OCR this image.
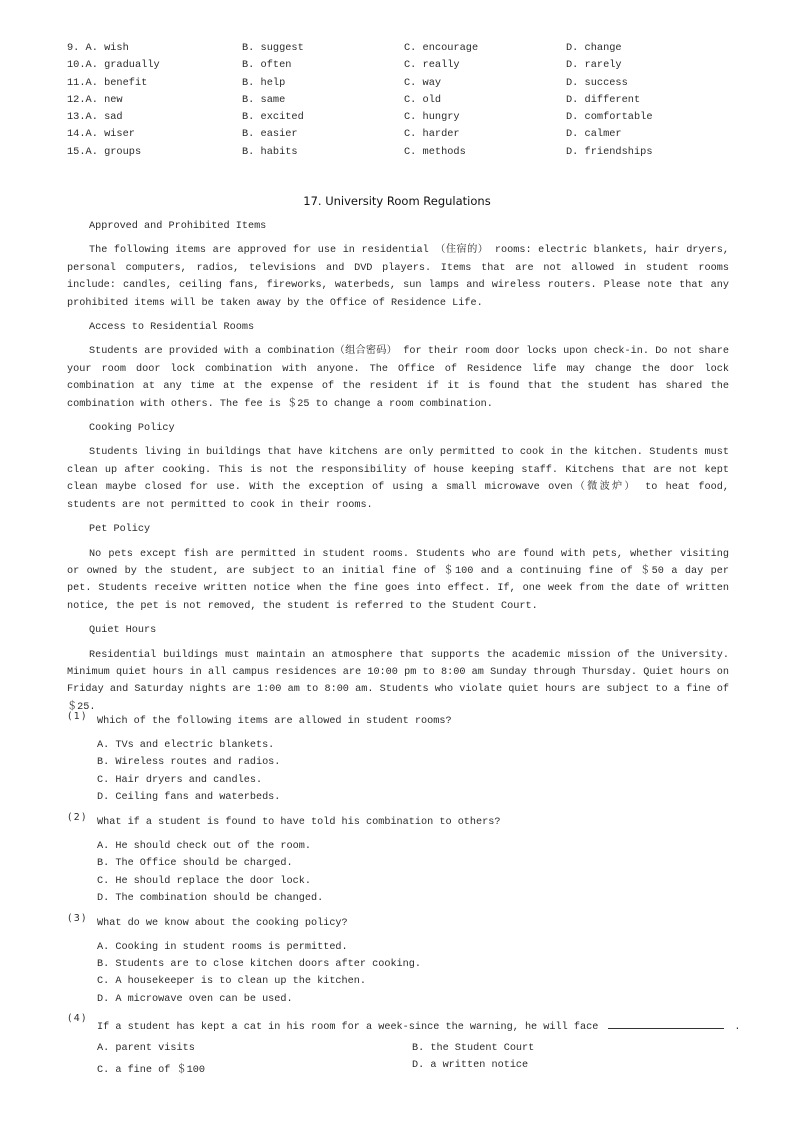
9. A. wish	B. suggest	C. encourage	D. change
10.A. gradually	B. often	C. really	D. rarely
11.A. benefit	B. help	C. way	D. success
12.A. new	B. same	C. old	D. different
13.A. sad	B. excited	C. hungry	D. comfortable
14.A. wiser	B. easier	C. harder	D. calmer
15.A. groups	B. habits	C. methods	D. friendships
17. University Room Regulations
Approved and Prohibited Items
The following items are approved for use in residential （住宿的） rooms: electric blankets, hair dryers, personal computers, radios, televisions and DVD players. Items that are not allowed in student rooms include: candles, ceiling fans, fireworks, waterbeds, sun lamps and wireless routers. Please note that any prohibited items will be taken away by the Office of Residence Life.
Access to Residential Rooms
Students are provided with a combination（组合密码） for their room door locks upon check-in. Do not share your room door lock combination with anyone. The Office of Residence life may change the door lock combination at any time at the expense of the resident if it is found that the student has shared the combination with others. The fee is ＄25 to change a room combination.
Cooking Policy
Students living in buildings that have kitchens are only permitted to cook in the kitchen. Students must clean up after cooking. This is not the responsibility of house keeping staff. Kitchens that are not kept clean maybe closed for use. With the exception of using a small microwave oven（微波炉） to heat food, students are not permitted to cook in their rooms.
Pet Policy
No pets except fish are permitted in student rooms. Students who are found with pets, whether visiting or owned by the student, are subject to an initial fine of ＄100 and a continuing fine of ＄50 a day per pet. Students receive written notice when the fine goes into effect. If, one week from the date of written notice, the pet is not removed, the student is referred to the Student Court.
Quiet Hours
Residential buildings must maintain an atmosphere that supports the academic mission of the University. Minimum quiet hours in all campus residences are 10:00 pm to 8:00 am Sunday through Thursday. Quiet hours on Friday and Saturday nights are 1:00 am to 8:00 am. Students who violate quiet hours are subject to a fine of ＄25.
(1) Which of the following items are allowed in student rooms?
A. TVs and electric blankets.
B. Wireless routes and radios.
C. Hair dryers and candles.
D. Ceiling fans and waterbeds.
(2) What if a student is found to have told his combination to others?
A. He should check out of the room.
B. The Office should be charged.
C. He should replace the door lock.
D. The combination should be changed.
(3) What do we know about the cooking policy?
A. Cooking in student rooms is permitted.
B. Students are to close kitchen doors after cooking.
C. A housekeeper is to clean up the kitchen.
D. A microwave oven can be used.
(4)
If a student has kept a cat in his room for a week-since the warning, he will face	.
A. parent visits	B. the Student Court
C. a fine of ＄100	D. a written notice
